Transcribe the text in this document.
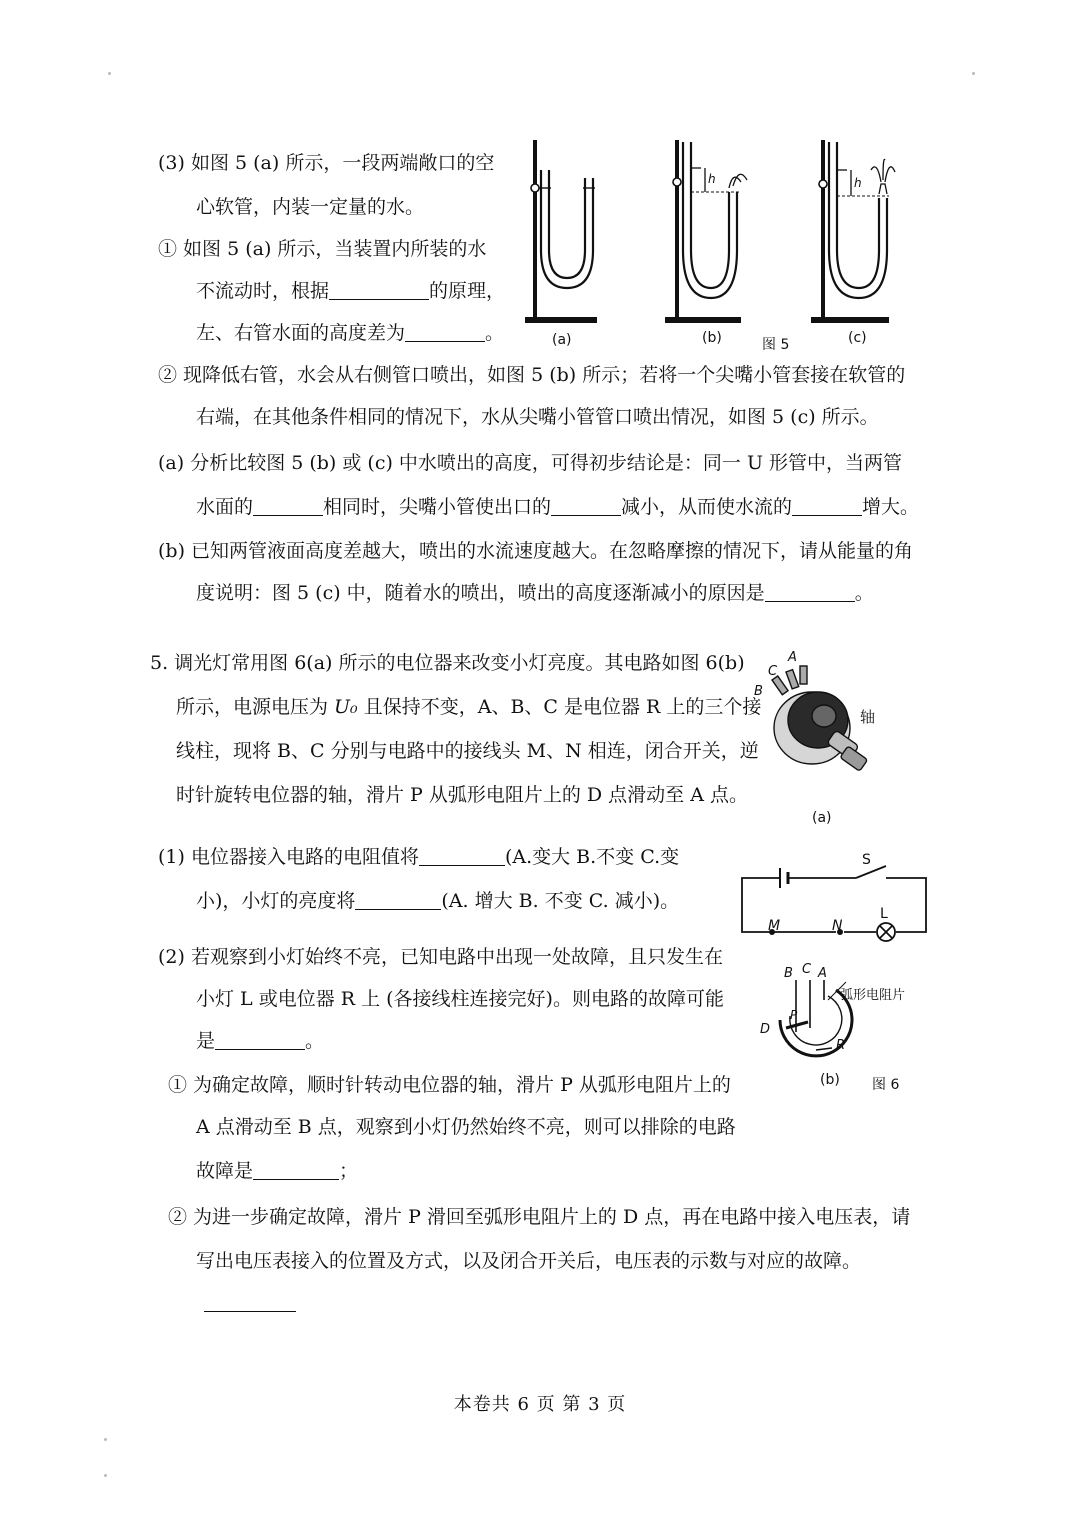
(3) 如图 5 (a) 所示，一段两端敞口的空
心软管，内装一定量的水。
① 如图 5 (a) 所示，当装置内所装的水
不流动时，根据	的原理，
左、右管水面的高度差为	。
② 现降低右管，水会从右侧管口喷出，如图 5 (b) 所示；若将一个尖嘴小管套接在软管的
右端，在其他条件相同的情况下，水从尖嘴小管管口喷出情况，如图 5 (c) 所示。
(a) 分析比较图 5 (b) 或 (c) 中水喷出的高度，可得初步结论是：同一 U 形管中，当两管
水面的	相同时，尖嘴小管使出口的	减小，从而使水流的	增大。
(b) 已知两管液面高度差越大，喷出的水流速度越大。在忽略摩擦的情况下，请从能量的角
度说明：图 5 (c) 中，随着水的喷出，喷出的高度逐渐减小的原因是	。
h	h
(a)	(b)	图 5	(c)
5. 调光灯常用图 6(a) 所示的电位器来改变小灯亮度。其电路如图 6(b)
所示，电源电压为 U₀ 且保持不变，A、B、C 是电位器 R 上的三个接
线柱，现将 B、C 分别与电路中的接线头 M、N 相连，闭合开关，逆
时针旋转电位器的轴，滑片 P 从弧形电阻片上的 D 点滑动至 A 点。
(1) 电位器接入电路的电阻值将	(A.变大 B.不变 C.变
小)，小灯的亮度将	(A. 增大 B. 不变 C. 减小)。
(2) 若观察到小灯始终不亮，已知电路中出现一处故障，且只发生在
小灯 L 或电位器 R 上 (各接线柱连接完好)。则电路的故障可能
是	。
① 为确定故障，顺时针转动电位器的轴，滑片 P 从弧形电阻片上的
A 点滑动至 B 点，观察到小灯仍然始终不亮，则可以排除的电路
故障是	；
② 为进一步确定故障，滑片 P 滑回至弧形电阻片上的 D 点，再在电路中接入电压表，请
写出电压表接入的位置及方式，以及闭合开关后，电压表的示数与对应的故障。
A
C
B
轴
(a)
S
L
M	N
B C A
弧形电阻片
D
P
R
(b) 图 6
本卷共 6 页 第 3 页
